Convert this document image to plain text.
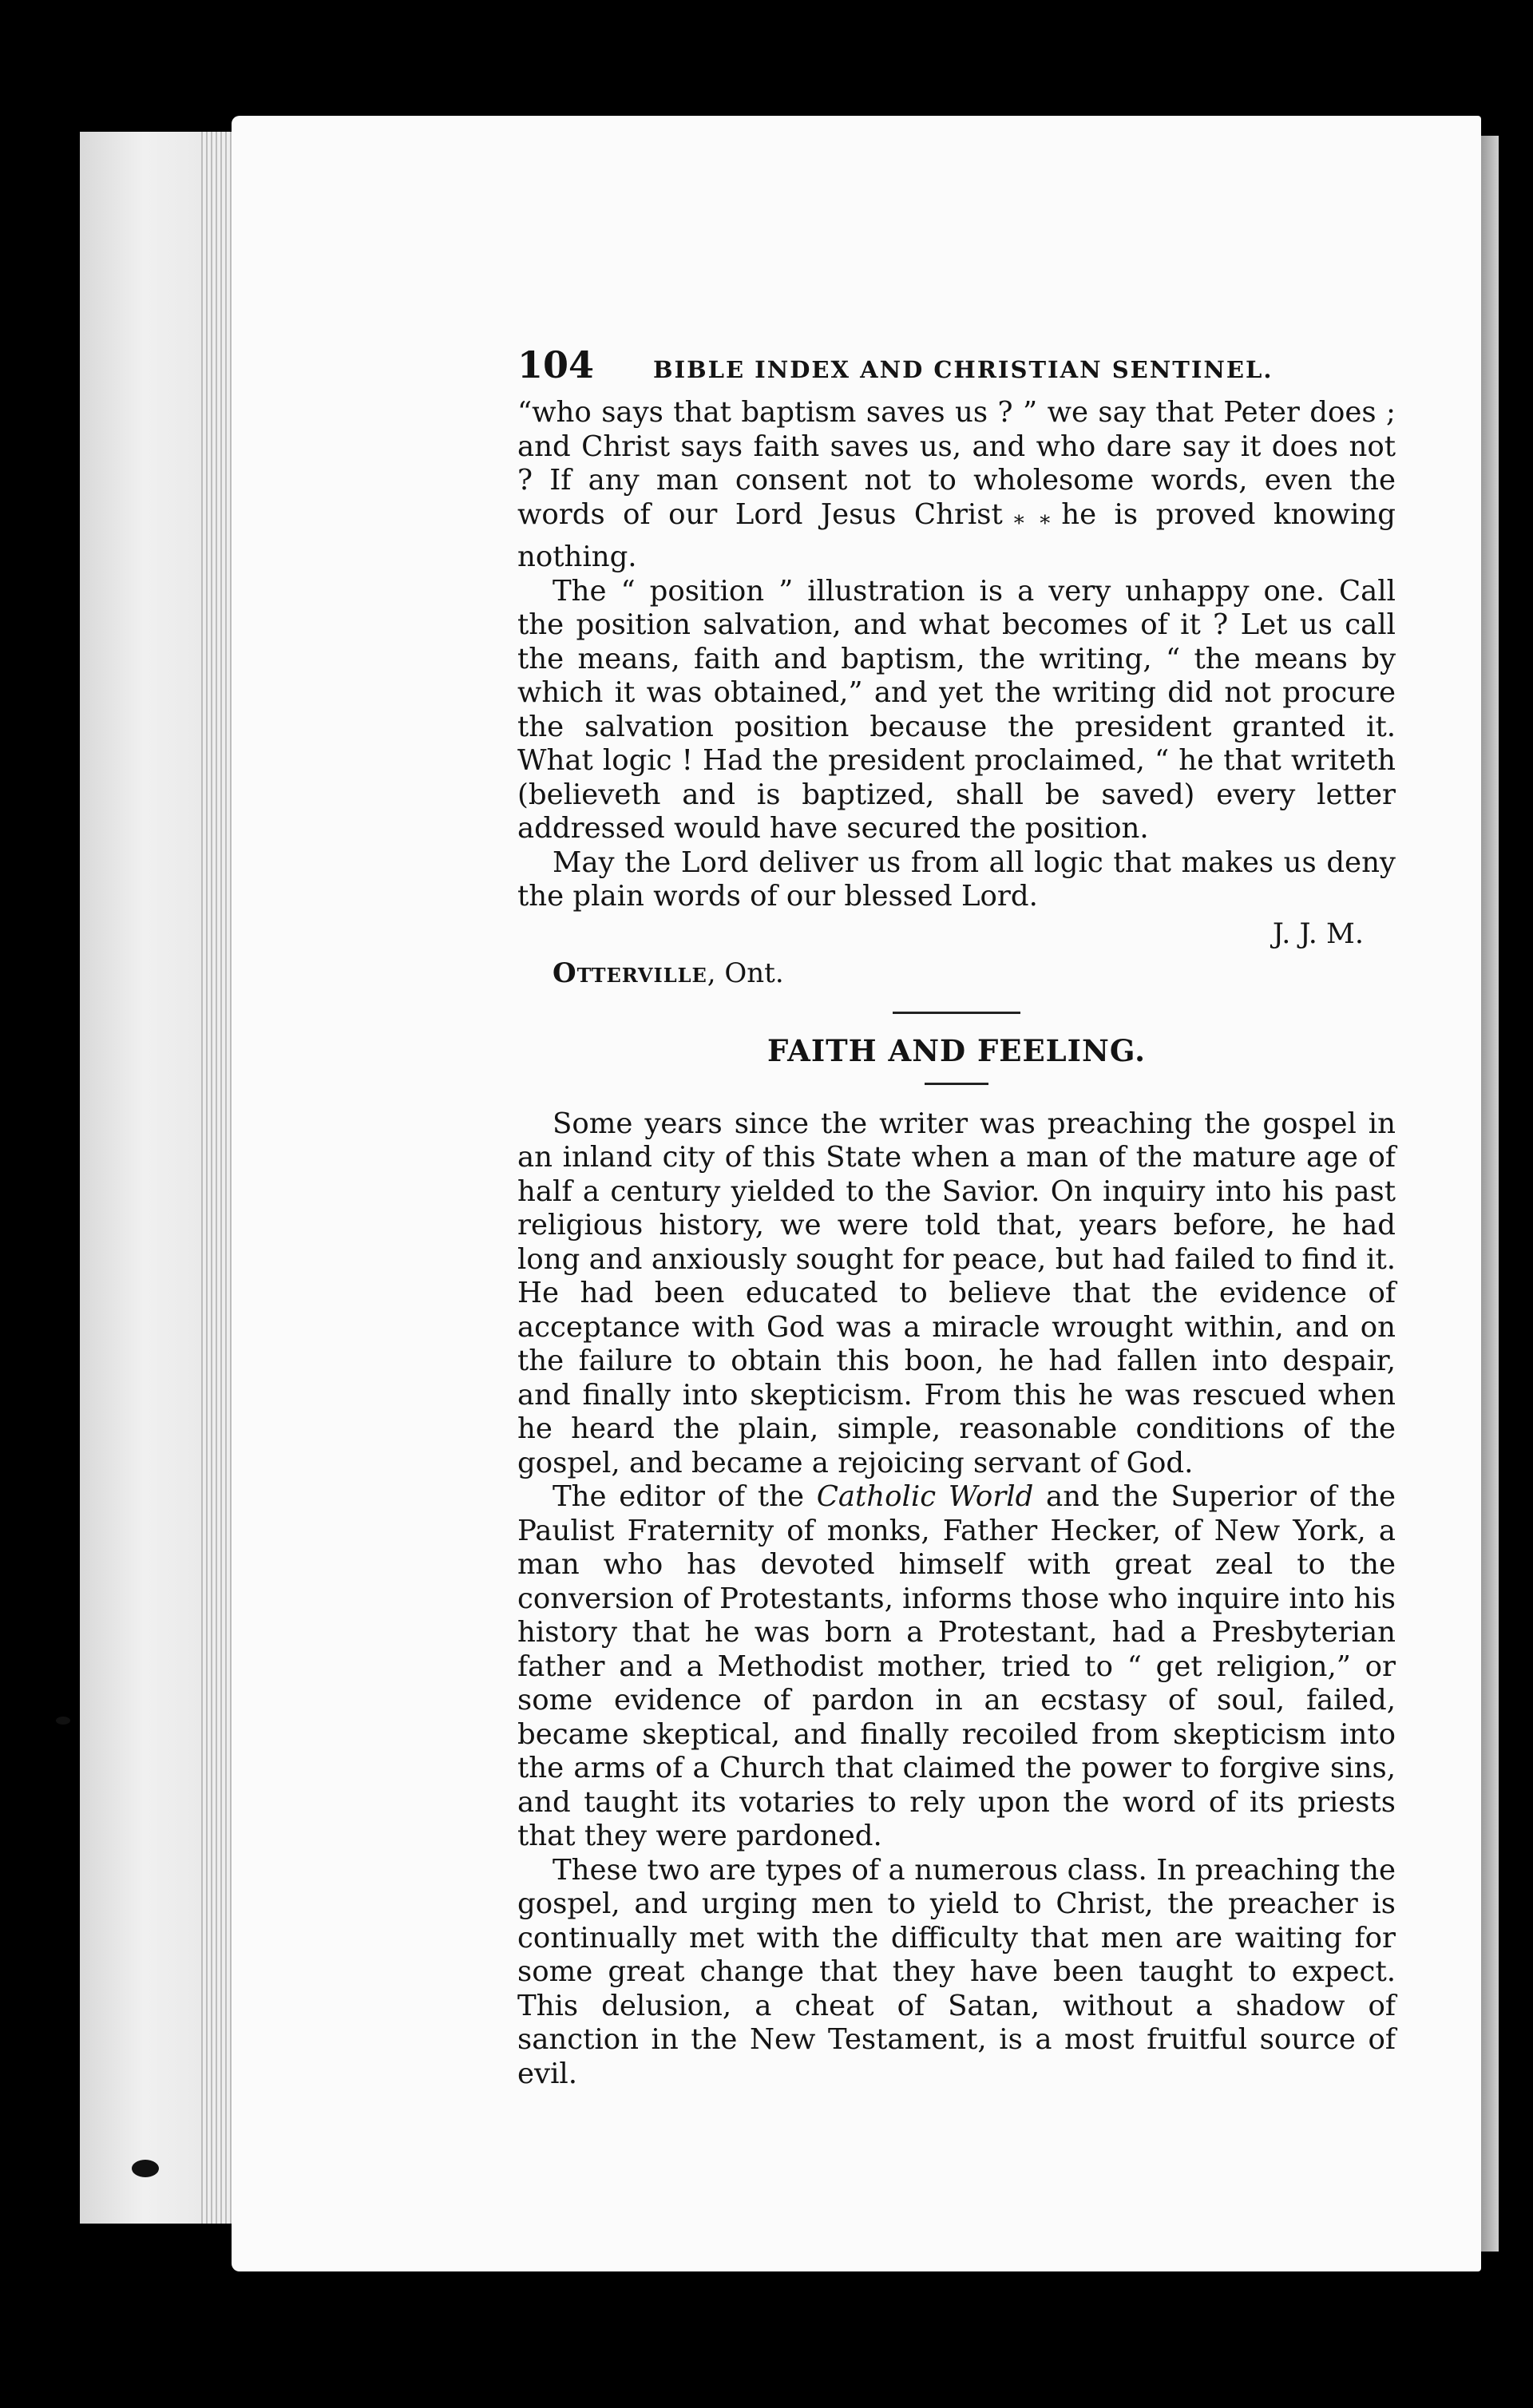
104	BIBLE INDEX AND CHRISTIAN SENTINEL.

“who says that baptism saves us ? ” we say that Peter does ; and Christ says faith saves us, and who dare say it does not ? If any man consent not to wholesome words, even the words of our Lord Jesus Christ $_{* *}$ he is proved knowing nothing.

The “ position ” illustration is a very unhappy one. Call the position salvation, and what becomes of it ? Let us call the means, faith and baptism, the writing, “ the means by which it was obtained,” and yet the writing did not procure the salvation position because the president granted it. What logic ! Had the president proclaimed, “ he that writeth (believeth and is baptized, shall be saved) every letter addressed would have secured the position.

May the Lord deliver us from all logic that makes us deny the plain words of our blessed Lord.

J. J. M.
Otterville, Ont.
FAITH AND FEELING.

Some years since the writer was preaching the gospel in an inland city of this State when a man of the mature age of half a century yielded to the Savior. On inquiry into his past religious history, we were told that, years before, he had long and anxiously sought for peace, but had failed to find it. He had been educated to believe that the evidence of acceptance with God was a miracle wrought within, and on the failure to obtain this boon, he had fallen into despair, and finally into skepticism. From this he was rescued when he heard the plain, simple, reasonable conditions of the gospel, and became a rejoicing servant of God.

The editor of the Catholic World and the Superior of the Paulist Fraternity of monks, Father Hecker, of New York, a man who has devoted himself with great zeal to the conversion of Protestants, informs those who inquire into his history that he was born a Protestant, had a Presbyterian father and a Methodist mother, tried to “ get religion,” or some evidence of pardon in an ecstasy of soul, failed, became skeptical, and finally recoiled from skepticism into the arms of a Church that claimed the power to forgive sins, and taught its votaries to rely upon the word of its priests that they were pardoned.

These two are types of a numerous class. In preaching the gospel, and urging men to yield to Christ, the preacher is continually met with the difficulty that men are waiting for some great change that they have been taught to expect. This delusion, a cheat of Satan, without a shadow of sanction in the New Testament, is a most fruitful source of evil.
